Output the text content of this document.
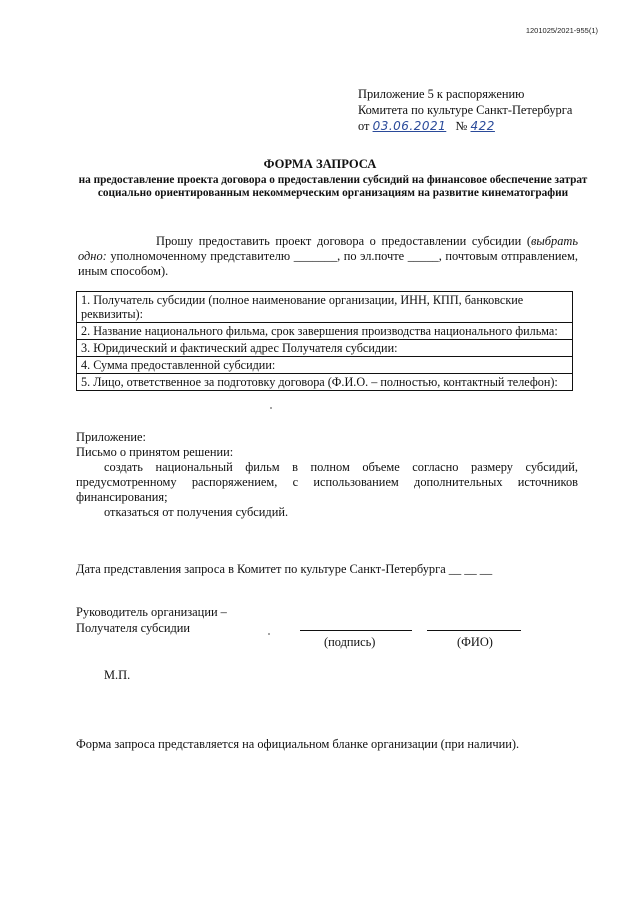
1201025/2021-955(1)
Приложение 5 к распоряжению
Комитета по культуре Санкт-Петербурга
от 03.06.2021 № 422
ФОРМА ЗАПРОСА
на предоставление проекта договора о предоставлении субсидий на финансовое обеспечение затрат социально ориентированным некоммерческим организациям на развитие кинематографии
Прошу предоставить проект договора о предоставлении субсидии (выбрать одно: уполномоченному представителю _______, по эл.почте _____, почтовым отправлением, иным способом).
1. Получатель субсидии (полное наименование организации, ИНН, КПП, банковские реквизиты):
2. Название национального фильма, срок завершения производства национального фильма:
3. Юридический и фактический адрес Получателя субсидии:
4. Сумма предоставленной субсидии:
5. Лицо, ответственное за подготовку договора (Ф.И.О. – полностью, контактный телефон):
Приложение:
Письмо о принятом решении:
создать национальный фильм в полном объеме согласно размеру субсидий, предусмотренному распоряжением, с использованием дополнительных источников финансирования;
отказаться от получения субсидий.
Дата представления запроса в Комитет по культуре Санкт-Петербурга __ __ __
Руководитель организации –
Получателя субсидии
(подпись)	(ФИО)
М.П.
Форма запроса представляется на официальном бланке организации (при наличии).
